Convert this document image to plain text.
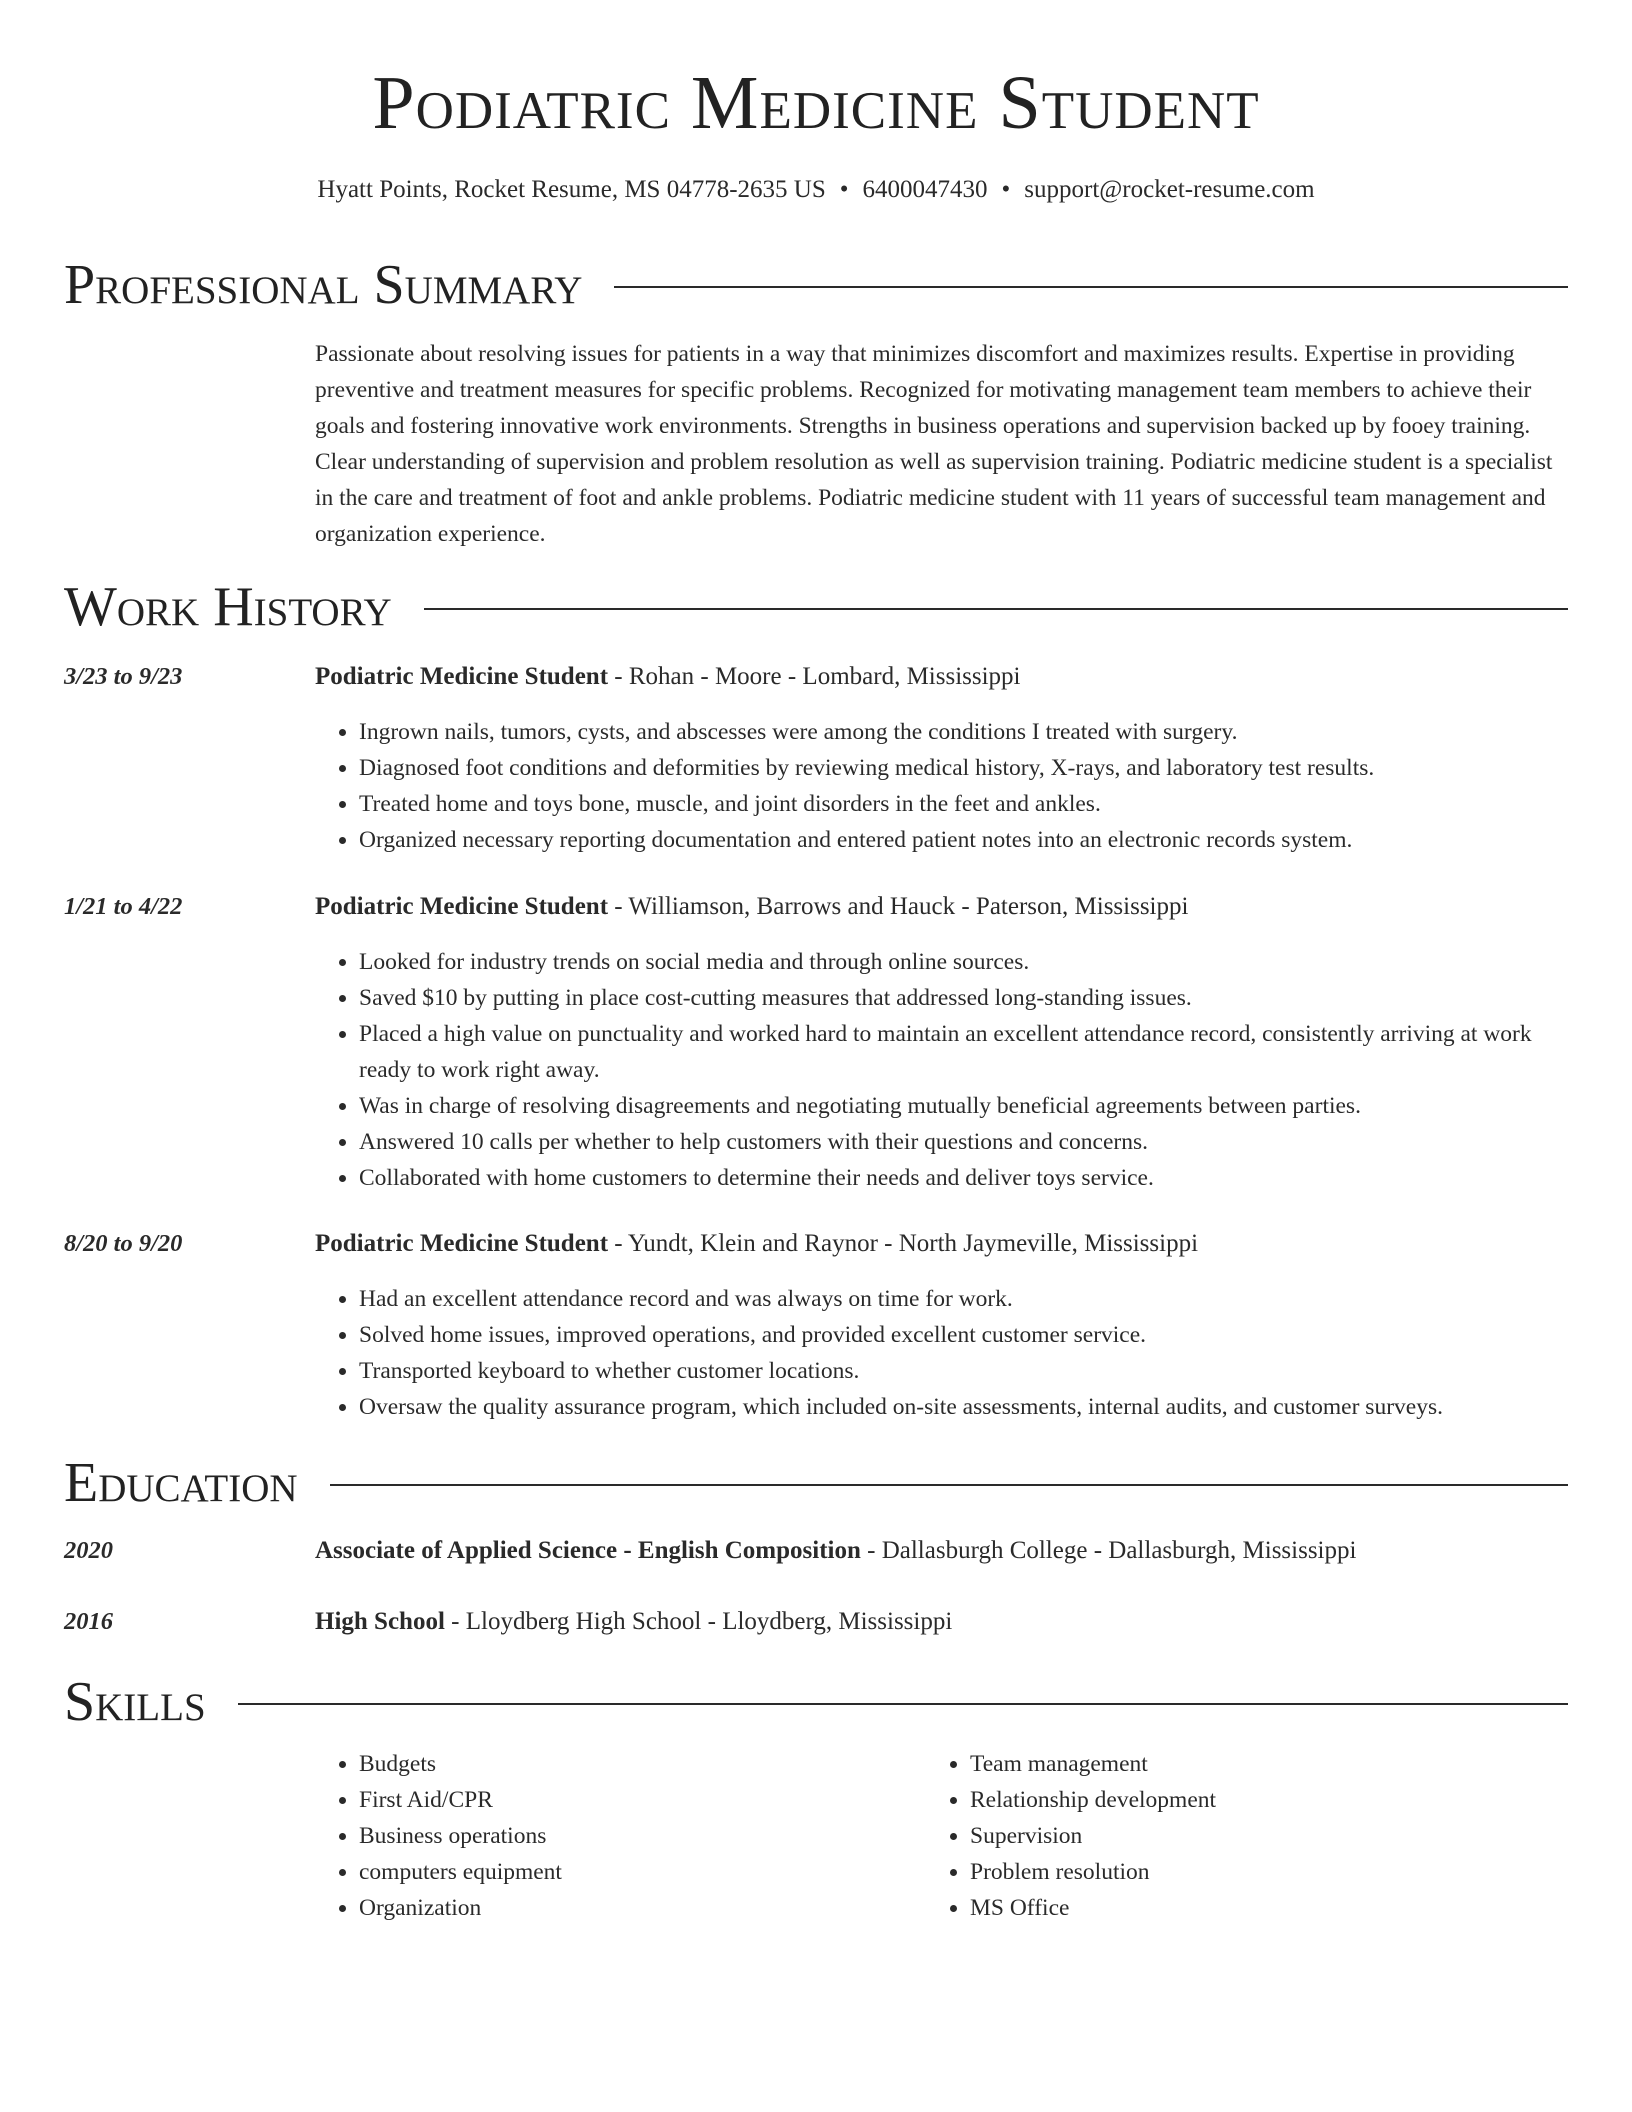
Podiatric Medicine Student
Hyatt Points, Rocket Resume, MS 04778-2635 US • 6400047430 • support@rocket-resume.com
Professional Summary

Passionate about resolving issues for patients in a way that minimizes discomfort and maximizes results. Expertise in providing preventive and treatment measures for specific problems. Recognized for motivating management team members to achieve their goals and fostering innovative work environments. Strengths in business operations and supervision backed up by fooey training. Clear understanding of supervision and problem resolution as well as supervision training. Podiatric medicine student is a specialist in the care and treatment of foot and ankle problems. Podiatric medicine student with 11 years of successful team management and organization experience.

Work History
3/23 to 9/23	Podiatric Medicine Student - Rohan - Moore - Lombard, Mississippi
• Ingrown nails, tumors, cysts, and abscesses were among the conditions I treated with surgery.
• Diagnosed foot conditions and deformities by reviewing medical history, X-rays, and laboratory test results.
• Treated home and toys bone, muscle, and joint disorders in the feet and ankles.
• Organized necessary reporting documentation and entered patient notes into an electronic records system.
1/21 to 4/22	Podiatric Medicine Student - Williamson, Barrows and Hauck - Paterson, Mississippi
• Looked for industry trends on social media and through online sources.
• Saved $10 by putting in place cost-cutting measures that addressed long-standing issues.
• Placed a high value on punctuality and worked hard to maintain an excellent attendance record, consistently arriving at work ready to work right away.
• Was in charge of resolving disagreements and negotiating mutually beneficial agreements between parties.
• Answered 10 calls per whether to help customers with their questions and concerns.
• Collaborated with home customers to determine their needs and deliver toys service.
8/20 to 9/20	Podiatric Medicine Student - Yundt, Klein and Raynor - North Jaymeville, Mississippi
• Had an excellent attendance record and was always on time for work.
• Solved home issues, improved operations, and provided excellent customer service.
• Transported keyboard to whether customer locations.
• Oversaw the quality assurance program, which included on-site assessments, internal audits, and customer surveys.
Education
2020	Associate of Applied Science - English Composition - Dallasburgh College - Dallasburgh, Mississippi
2016	High School - Lloydberg High School - Lloydberg, Mississippi
Skills
• Budgets
• First Aid/CPR
• Business operations
• computers equipment
• Organization
• Team management
• Relationship development
• Supervision
• Problem resolution
• MS Office
